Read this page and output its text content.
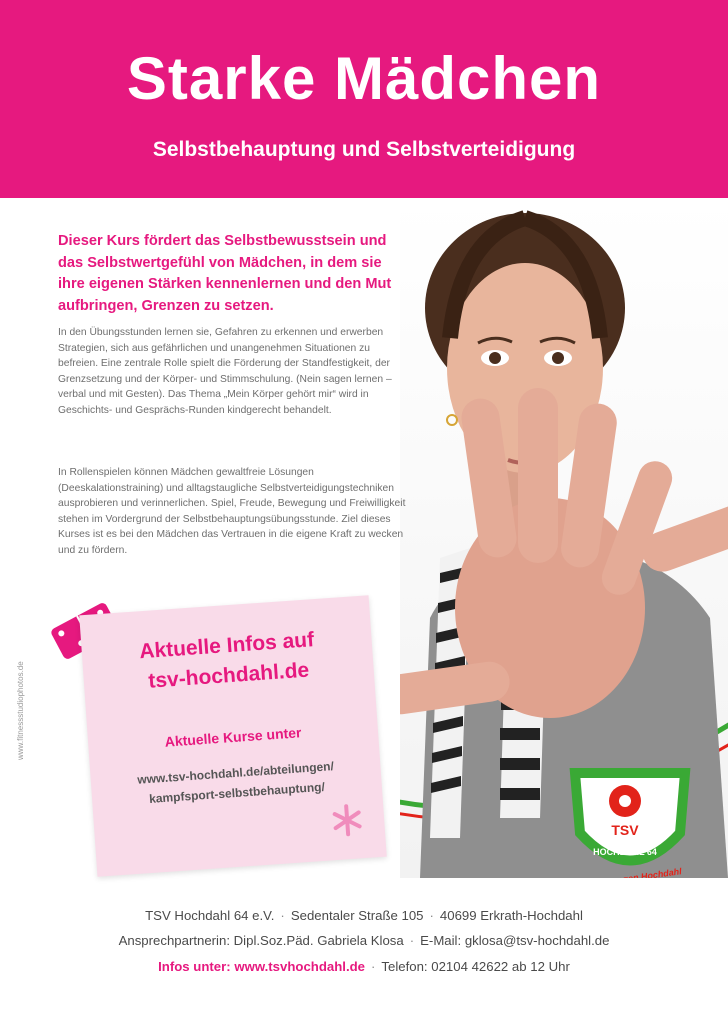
Starke Mädchen
Selbstbehauptung und Selbstverteidigung
TSV
HOCHDAHL 64
Wir bewegen Hochdahl
Dieser Kurs fördert das Selbstbewusstsein und das Selbstwertgefühl von Mädchen, in dem sie ihre eigenen Stärken kennenlernen und den Mut aufbringen, Grenzen zu setzen.
In den Übungsstunden lernen sie, Gefahren zu erkennen und erwerben Strategien, sich aus gefährlichen und unangenehmen Situationen zu befreien. Eine zentrale Rolle spielt die Förderung der Standfestigkeit, der Grenzsetzung und der Körper- und Stimmschulung. (Nein sagen lernen – verbal und mit Gesten). Das Thema „Mein Körper gehört mir“ wird in Geschichts- und Gesprächs-Runden kindgerecht behandelt.
In Rollenspielen können Mädchen gewaltfreie Lösungen (Deeskalationstraining) und alltagstaugliche Selbstverteidigungstechniken ausprobieren und verinnerlichen. Spiel, Freude, Bewegung und Freiwilligkeit stehen im Vordergrund der Selbstbehauptungsübungsstunde. Ziel dieses Kurses ist es bei den Mädchen das Vertrauen in die eigene Kraft zu wecken und zu fördern.
Aktuelle Infos auf
tsv-hochdahl.de
Aktuelle Kurse unter
www.tsv-hochdahl.de/abteilungen/
kampfsport-selbstbehauptung/
www.fitnessstudiophotos.de
TSV Hochdahl 64 e.V. · Sedentaler Straße 105 · 40699 Erkrath-Hochdahl
Ansprechpartnerin: Dipl.Soz.Päd. Gabriela Klosa · E-Mail: gklosa@tsv-hochdahl.de
Infos unter: www.tsvhochdahl.de · Telefon: 02104 42622 ab 12 Uhr
